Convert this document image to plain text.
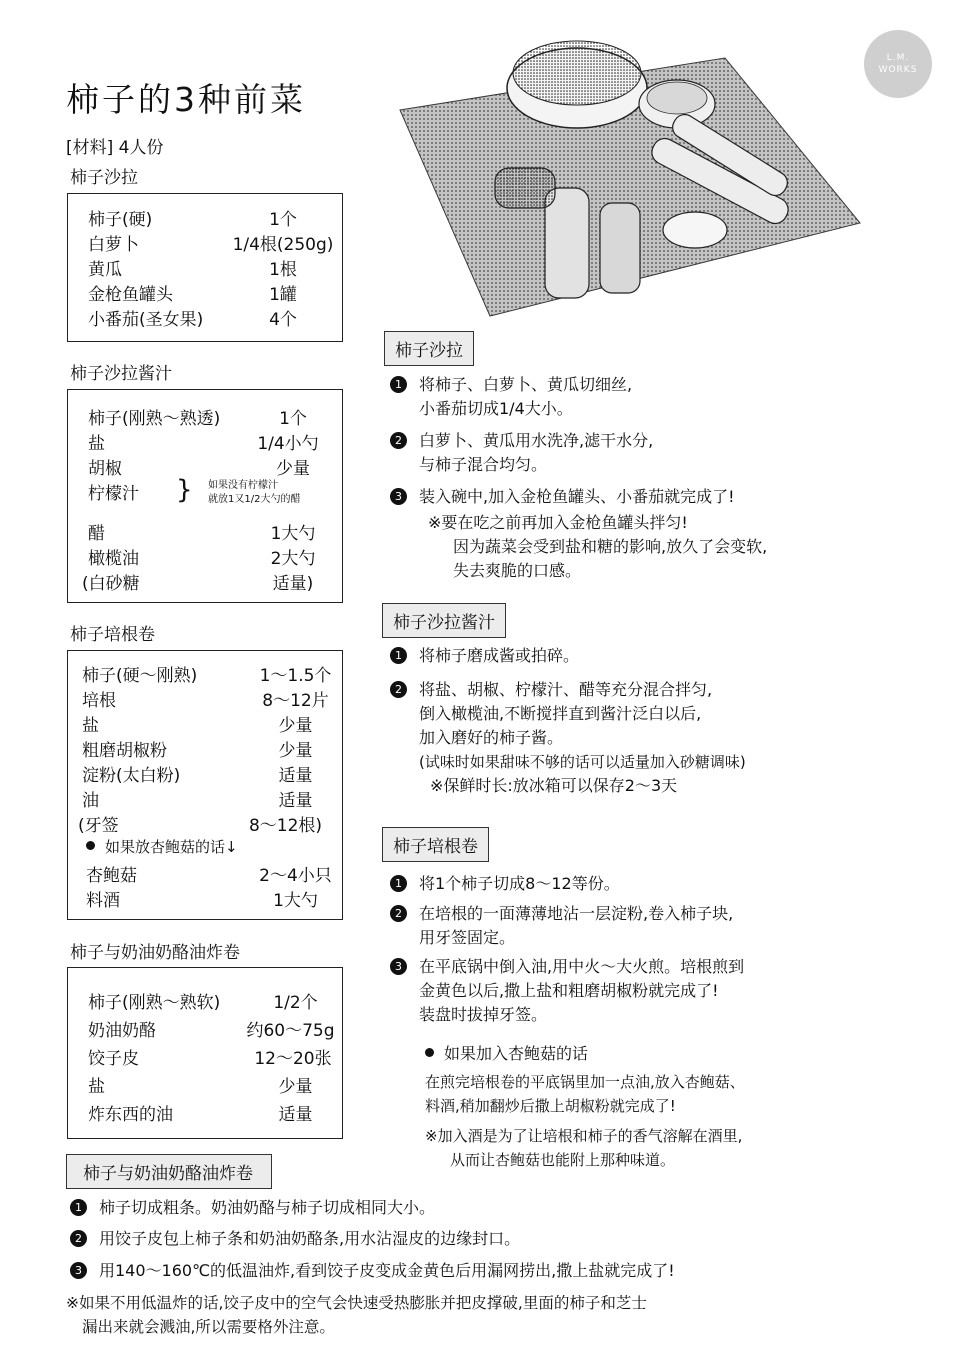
柿子的3种前菜
[材料] 4人份
L.M.
WORKS
柿子沙拉
柿子(硬)	1个
白萝卜	1/4根(250g)
黄瓜	1根
金枪鱼罐头	1罐
小番茄(圣女果)	4个
柿子沙拉酱汁
柿子(刚熟～熟透)	1个
盐	1/4小勺
胡椒	少量
柠檬汁 } 如果没有柠檬汁
就放1又1/2大勺的醋
醋	1大勺
橄榄油	2大勺
(白砂糖	适量)
柿子培根卷
柿子(硬～刚熟)	1～1.5个
培根	8～12片
盐	少量
粗磨胡椒粉	少量
淀粉(太白粉)	适量
油	适量
(牙签	8～12根)
如果放杏鲍菇的话↓
杏鲍菇	2～4小只
料酒	1大勺
柿子与奶油奶酪油炸卷
柿子(刚熟～熟软)	1/2个
奶油奶酪	约60～75g
饺子皮	12～20张
盐	少量
炸东西的油	适量
柿子沙拉
1 将柿子、白萝卜、黄瓜切细丝,
小番茄切成1/4大小。
2 白萝卜、黄瓜用水洗净,滤干水分,
与柿子混合均匀。
3 装入碗中,加入金枪鱼罐头、小番茄就完成了!
※要在吃之前再加入金枪鱼罐头拌匀!
因为蔬菜会受到盐和糖的影响,放久了会变软,
失去爽脆的口感。
柿子沙拉酱汁
1 将柿子磨成酱或拍碎。
2 将盐、胡椒、柠檬汁、醋等充分混合拌匀,
倒入橄榄油,不断搅拌直到酱汁泛白以后,
加入磨好的柿子酱。
(试味时如果甜味不够的话可以适量加入砂糖调味)
※保鲜时长:放冰箱可以保存2～3天
柿子培根卷
1 将1个柿子切成8～12等份。
2 在培根的一面薄薄地沾一层淀粉,卷入柿子块,
用牙签固定。
3 在平底锅中倒入油,用中火～大火煎。培根煎到
金黄色以后,撒上盐和粗磨胡椒粉就完成了!
装盘时拔掉牙签。
如果加入杏鲍菇的话
在煎完培根卷的平底锅里加一点油,放入杏鲍菇、
料酒,稍加翻炒后撒上胡椒粉就完成了!
※加入酒是为了让培根和柿子的香气溶解在酒里,
从而让杏鲍菇也能附上那种味道。
柿子与奶油奶酪油炸卷
1 柿子切成粗条。奶油奶酪与柿子切成相同大小。
2 用饺子皮包上柿子条和奶油奶酪条,用水沾湿皮的边缘封口。
3 用140～160℃的低温油炸,看到饺子皮变成金黄色后用漏网捞出,撒上盐就完成了!
※如果不用低温炸的话,饺子皮中的空气会快速受热膨胀并把皮撑破,里面的柿子和芝士
漏出来就会溅油,所以需要格外注意。
